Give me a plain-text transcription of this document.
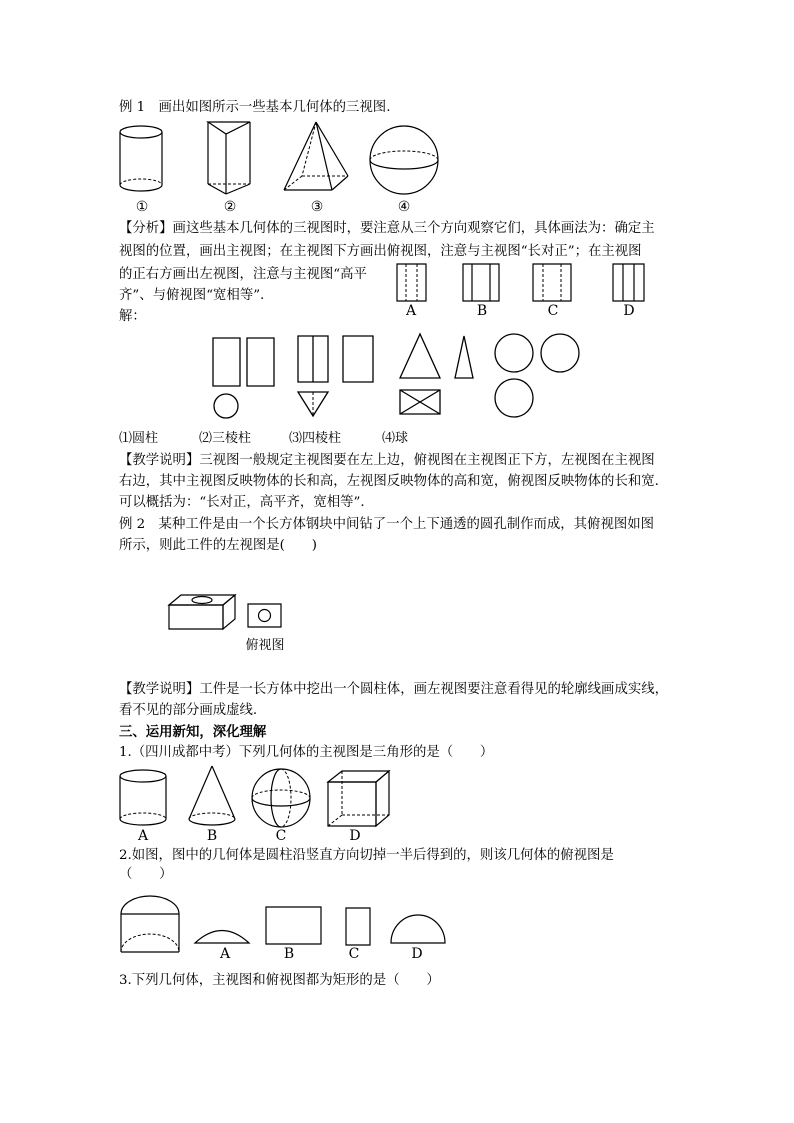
例 1　画出如图所示一些基本几何体的三视图.
①	②	③	④
【分析】画这些基本几何体的三视图时，要注意从三个方向观察它们，具体画法为：确定主
视图的位置，画出主视图；在主视图下方画出俯视图，注意与主视图“长对正”；在主视图
的正右方画出左视图，注意与主视图“高平
齐”、与俯视图“宽相等”.
A	B	C	D
解：
⑴圆柱	⑵三棱柱	⑶四棱柱	⑷球
【教学说明】三视图一般规定主视图要在左上边，俯视图在主视图正下方，左视图在主视图
右边，其中主视图反映物体的长和高，左视图反映物体的高和宽，俯视图反映物体的长和宽.
可以概括为：“长对正，高平齐，宽相等”.
例 2　某种工件是由一个长方体钢块中间钻了一个上下通透的圆孔制作而成，其俯视图如图
所示，则此工件的左视图是(　　)
俯视图
【教学说明】工件是一长方体中挖出一个圆柱体，画左视图要注意看得见的轮廓线画成实线，
看不见的部分画成虚线.
三、运用新知，深化理解
1.（四川成都中考）下列几何体的主视图是三角形的是（　　）
A	B	C	D
2.如图，图中的几何体是圆柱沿竖直方向切掉一半后得到的，则该几何体的俯视图是
（　　）
A	B	C	D
3.下列几何体，主视图和俯视图都为矩形的是（　　）
